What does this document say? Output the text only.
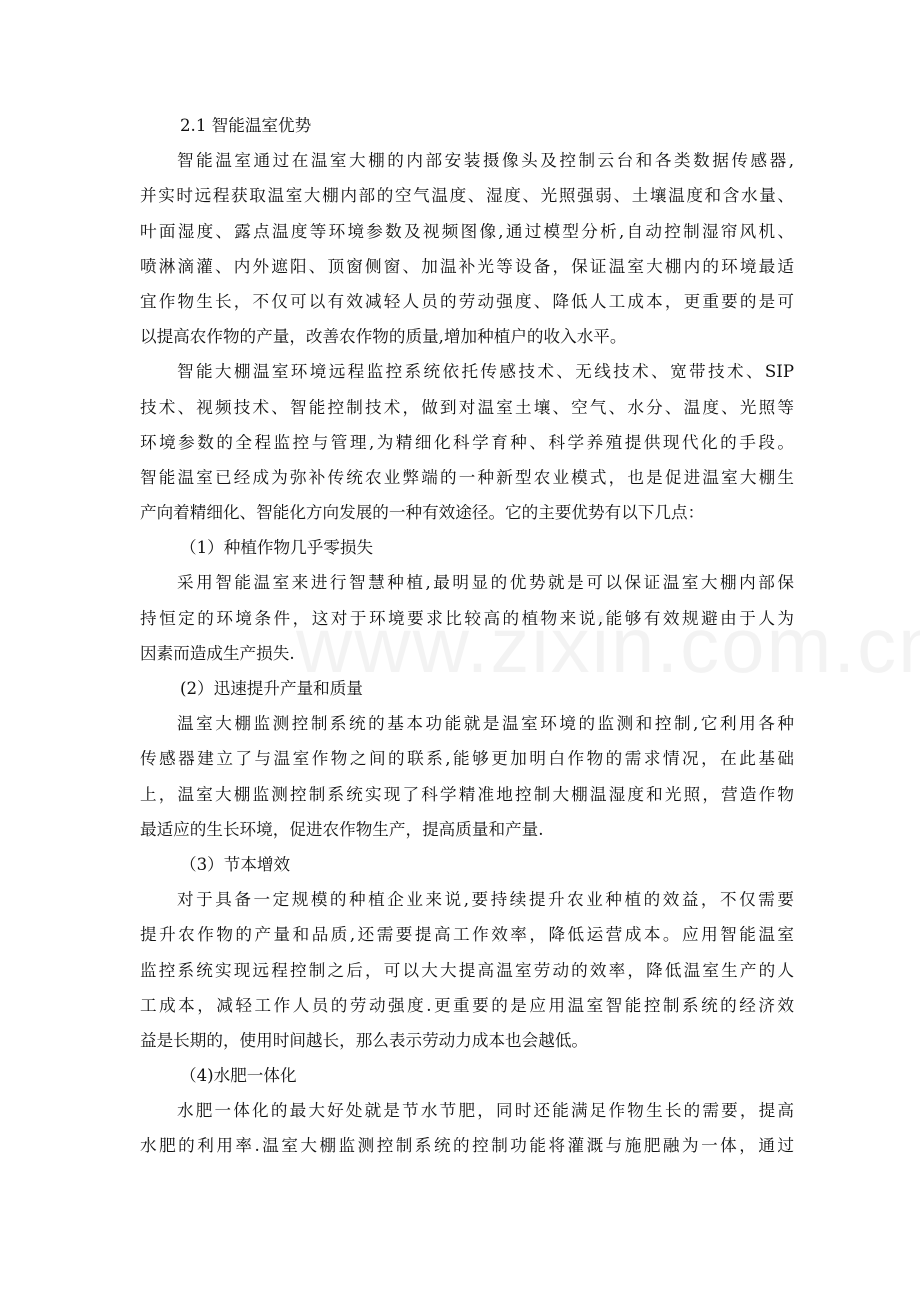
2.1 智能温室优势
智能温室通过在温室大棚的内部安装摄像头及控制云台和各类数据传感器,
并实时远程获取温室大棚内部的空气温度、湿度、光照强弱、土壤温度和含水量、
叶面湿度、露点温度等环境参数及视频图像,通过模型分析,自动控制湿帘风机、
喷淋滴灌、内外遮阳、顶窗侧窗、加温补光等设备，保证温室大棚内的环境最适
宜作物生长，不仅可以有效减轻人员的劳动强度、降低人工成本，更重要的是可
以提高农作物的产量，改善农作物的质量,增加种植户的收入水平。
智能大棚温室环境远程监控系统依托传感技术、无线技术、宽带技术、SIP
技术、视频技术、智能控制技术，做到对温室土壤、空气、水分、温度、光照等
环境参数的全程监控与管理,为精细化科学育种、科学养殖提供现代化的手段。
智能温室已经成为弥补传统农业弊端的一种新型农业模式，也是促进温室大棚生
产向着精细化、智能化方向发展的一种有效途径。它的主要优势有以下几点：
（1）种植作物几乎零损失
采用智能温室来进行智慧种植,最明显的优势就是可以保证温室大棚内部保
持恒定的环境条件，这对于环境要求比较高的植物来说,能够有效规避由于人为
因素而造成生产损失.
(2）迅速提升产量和质量
温室大棚监测控制系统的基本功能就是温室环境的监测和控制,它利用各种
传感器建立了与温室作物之间的联系,能够更加明白作物的需求情况，在此基础
上，温室大棚监测控制系统实现了科学精准地控制大棚温湿度和光照，营造作物
最适应的生长环境，促进农作物生产，提高质量和产量.
（3）节本增效
对于具备一定规模的种植企业来说,要持续提升农业种植的效益，不仅需要
提升农作物的产量和品质,还需要提高工作效率，降低运营成本。应用智能温室
监控系统实现远程控制之后，可以大大提高温室劳动的效率，降低温室生产的人
工成本，减轻工作人员的劳动强度.更重要的是应用温室智能控制系统的经济效
益是长期的，使用时间越长，那么表示劳动力成本也会越低。
（4)水肥一体化
水肥一体化的最大好处就是节水节肥，同时还能满足作物生长的需要，提高
水肥的利用率.温室大棚监测控制系统的控制功能将灌溉与施肥融为一体，通过
